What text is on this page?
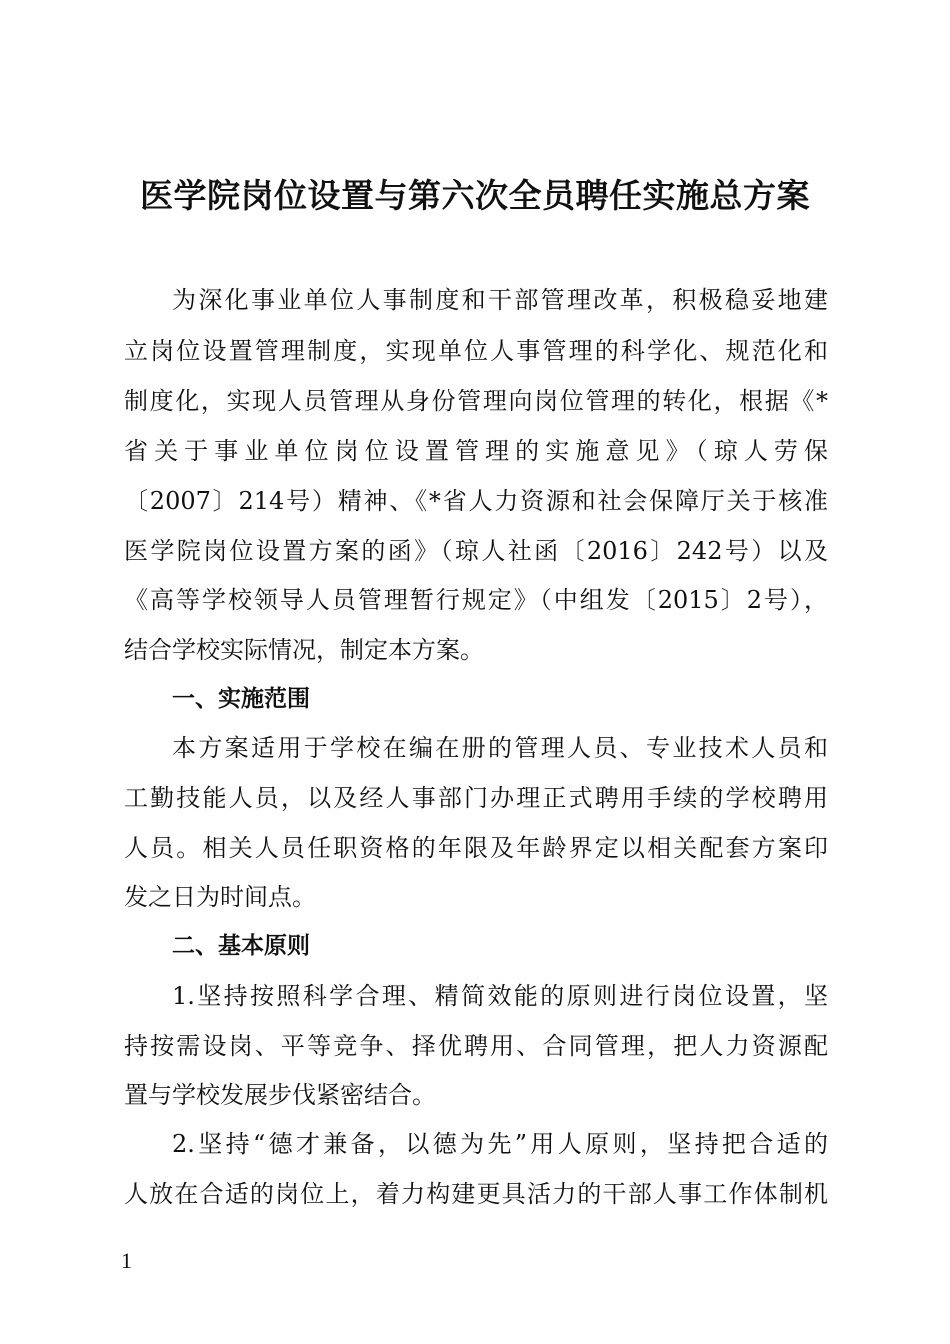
医学院岗位设置与第六次全员聘任实施总方案
为深化事业单位人事制度和干部管理改革，积极稳妥地建
立岗位设置管理制度，实现单位人事管理的科学化、规范化和
制度化，实现人员管理从身份管理向岗位管理的转化，根据《*
省关于事业单位岗位设置管理的实施意见》（琼人劳保
〔2007〕214号）精神、《*省人力资源和社会保障厅关于核准
医学院岗位设置方案的函》（琼人社函〔2016〕242号）以及
《高等学校领导人员管理暂行规定》（中组发〔2015〕2号），
结合学校实际情况，制定本方案。
一、实施范围
本方案适用于学校在编在册的管理人员、专业技术人员和
工勤技能人员，以及经人事部门办理正式聘用手续的学校聘用
人员。相关人员任职资格的年限及年龄界定以相关配套方案印
发之日为时间点。
二、基本原则
1.坚持按照科学合理、精简效能的原则进行岗位设置，坚
持按需设岗、平等竞争、择优聘用、合同管理，把人力资源配
置与学校发展步伐紧密结合。
2.坚持“德才兼备，以德为先”用人原则，坚持把合适的
人放在合适的岗位上，着力构建更具活力的干部人事工作体制机
1
